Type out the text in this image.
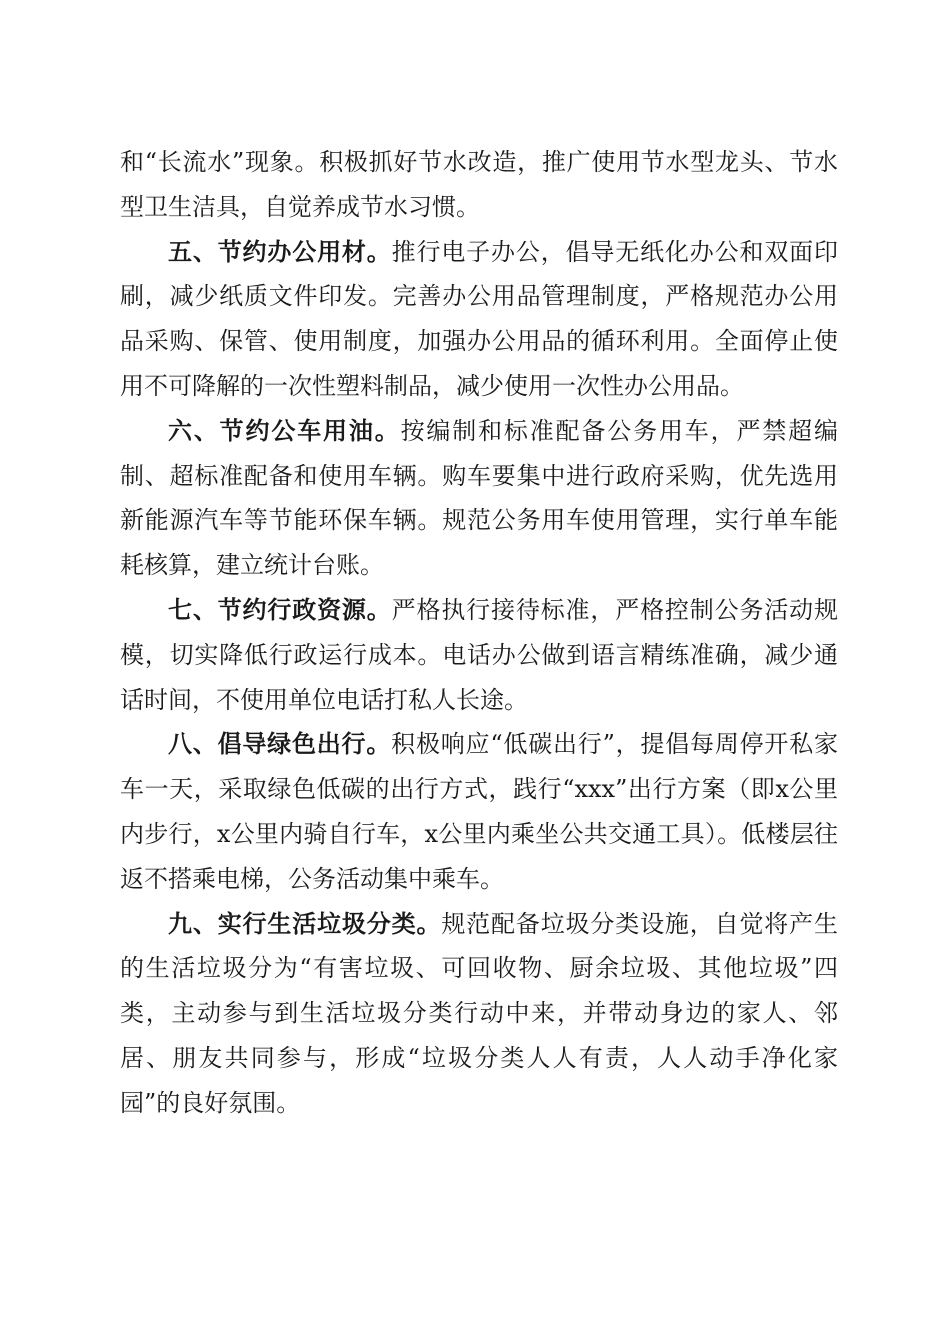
和“长流水”现象。积极抓好节水改造，推广使用节水型龙头、节水型卫生洁具，自觉养成节水习惯。

五、节约办公用材。推行电子办公，倡导无纸化办公和双面印刷，减少纸质文件印发。完善办公用品管理制度，严格规范办公用品采购、保管、使用制度，加强办公用品的循环利用。全面停止使用不可降解的一次性塑料制品，减少使用一次性办公用品。

六、节约公车用油。按编制和标准配备公务用车，严禁超编制、超标准配备和使用车辆。购车要集中进行政府采购，优先选用新能源汽车等节能环保车辆。规范公务用车使用管理，实行单车能耗核算，建立统计台账。

七、节约行政资源。严格执行接待标准，严格控制公务活动规模，切实降低行政运行成本。电话办公做到语言精练准确，减少通话时间，不使用单位电话打私人长途。

八、倡导绿色出行。积极响应“低碳出行”，提倡每周停开私家车一天，采取绿色低碳的出行方式，践行“xxx”出行方案（即x公里内步行，x公里内骑自行车，x公里内乘坐公共交通工具）。低楼层往返不搭乘电梯，公务活动集中乘车。

九、实行生活垃圾分类。规范配备垃圾分类设施，自觉将产生的生活垃圾分为“有害垃圾、可回收物、厨余垃圾、其他垃圾”四类，主动参与到生活垃圾分类行动中来，并带动身边的家人、邻居、朋友共同参与，形成“垃圾分类人人有责，人人动手净化家园”的良好氛围。
